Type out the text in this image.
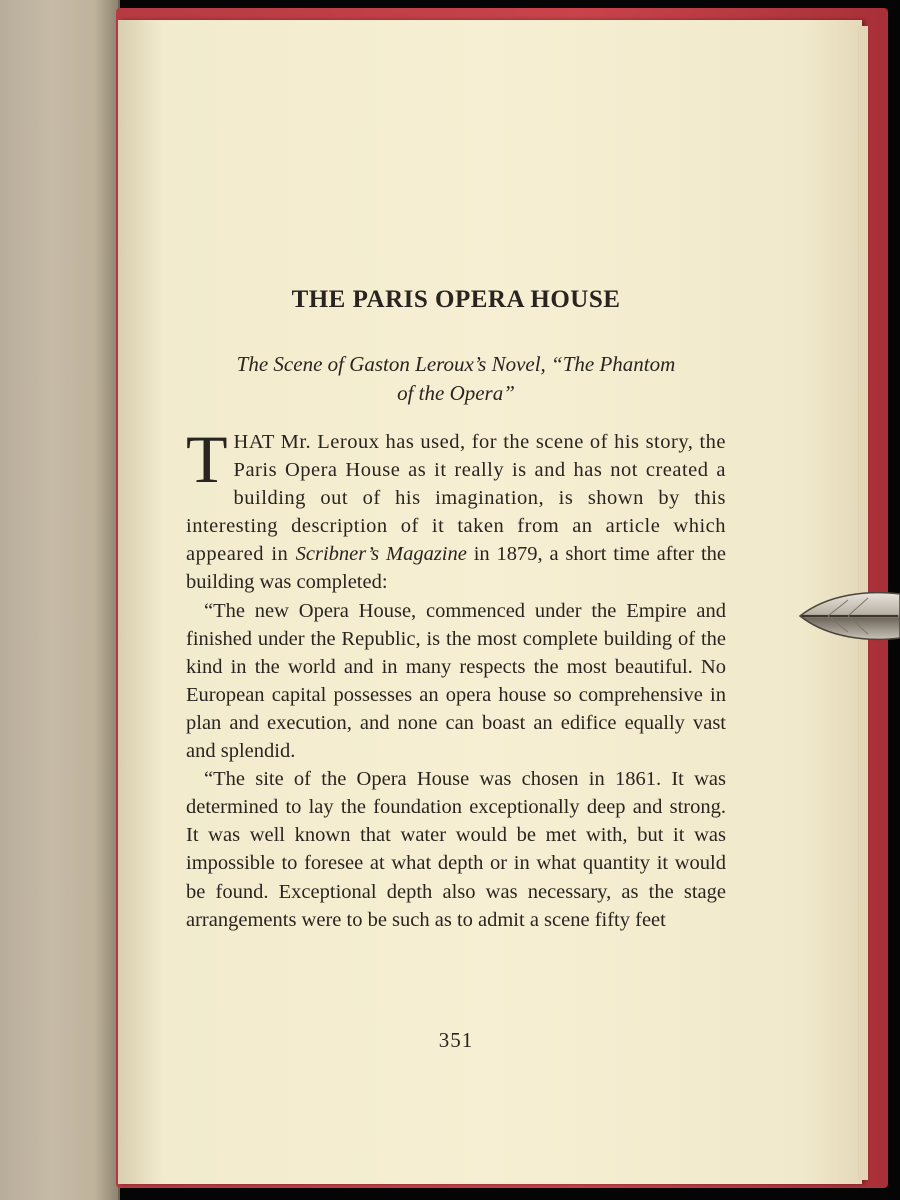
THE PARIS OPERA HOUSE
The Scene of Gaston Leroux’s Novel, “The Phantom
of the Opera”

THAT Mr. Leroux has used, for the scene of his story, the Paris Opera House as it really is and has not created a building out of his imagination, is shown by this interesting description of it taken from an article which appeared in Scribner’s Magazine in 1879, a short time after the building was completed:

“The new Opera House, commenced under the Empire and finished under the Republic, is the most complete building of the kind in the world and in many respects the most beautiful. No European capital possesses an opera house so comprehensive in plan and execution, and none can boast an edifice equally vast and splendid.

“The site of the Opera House was chosen in 1861. It was determined to lay the foundation exceptionally deep and strong. It was well known that water would be met with, but it was impossible to foresee at what depth or in what quantity it would be found. Exceptional depth also was necessary, as the stage arrangements were to be such as to admit a scene fifty feet

351
